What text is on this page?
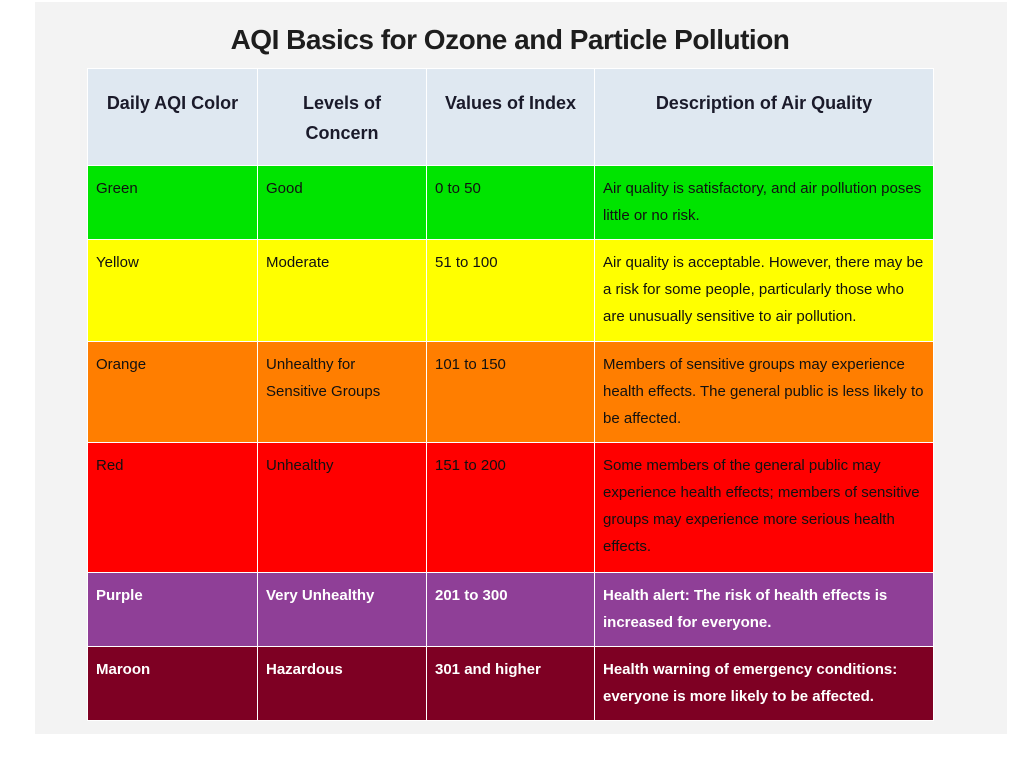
AQI Basics for Ozone and Particle Pollution
Daily AQI Color	Levels of Concern	Values of Index	Description of Air Quality
Green	Good	0 to 50	Air quality is satisfactory, and air pollution poses little or no risk.
Yellow	Moderate	51 to 100	Air quality is acceptable. However, there may be a risk for some people, particularly those who are unusually sensitive to air pollution.
Orange	Unhealthy for Sensitive Groups	101 to 150	Members of sensitive groups may experience health effects. The general public is less likely to be affected.
Red	Unhealthy	151 to 200	Some members of the general public may experience health effects; members of sensitive groups may experience more serious health effects.
Purple	Very Unhealthy	201 to 300	Health alert: The risk of health effects is increased for everyone.
Maroon	Hazardous	301 and higher	Health warning of emergency conditions: everyone is more likely to be affected.
